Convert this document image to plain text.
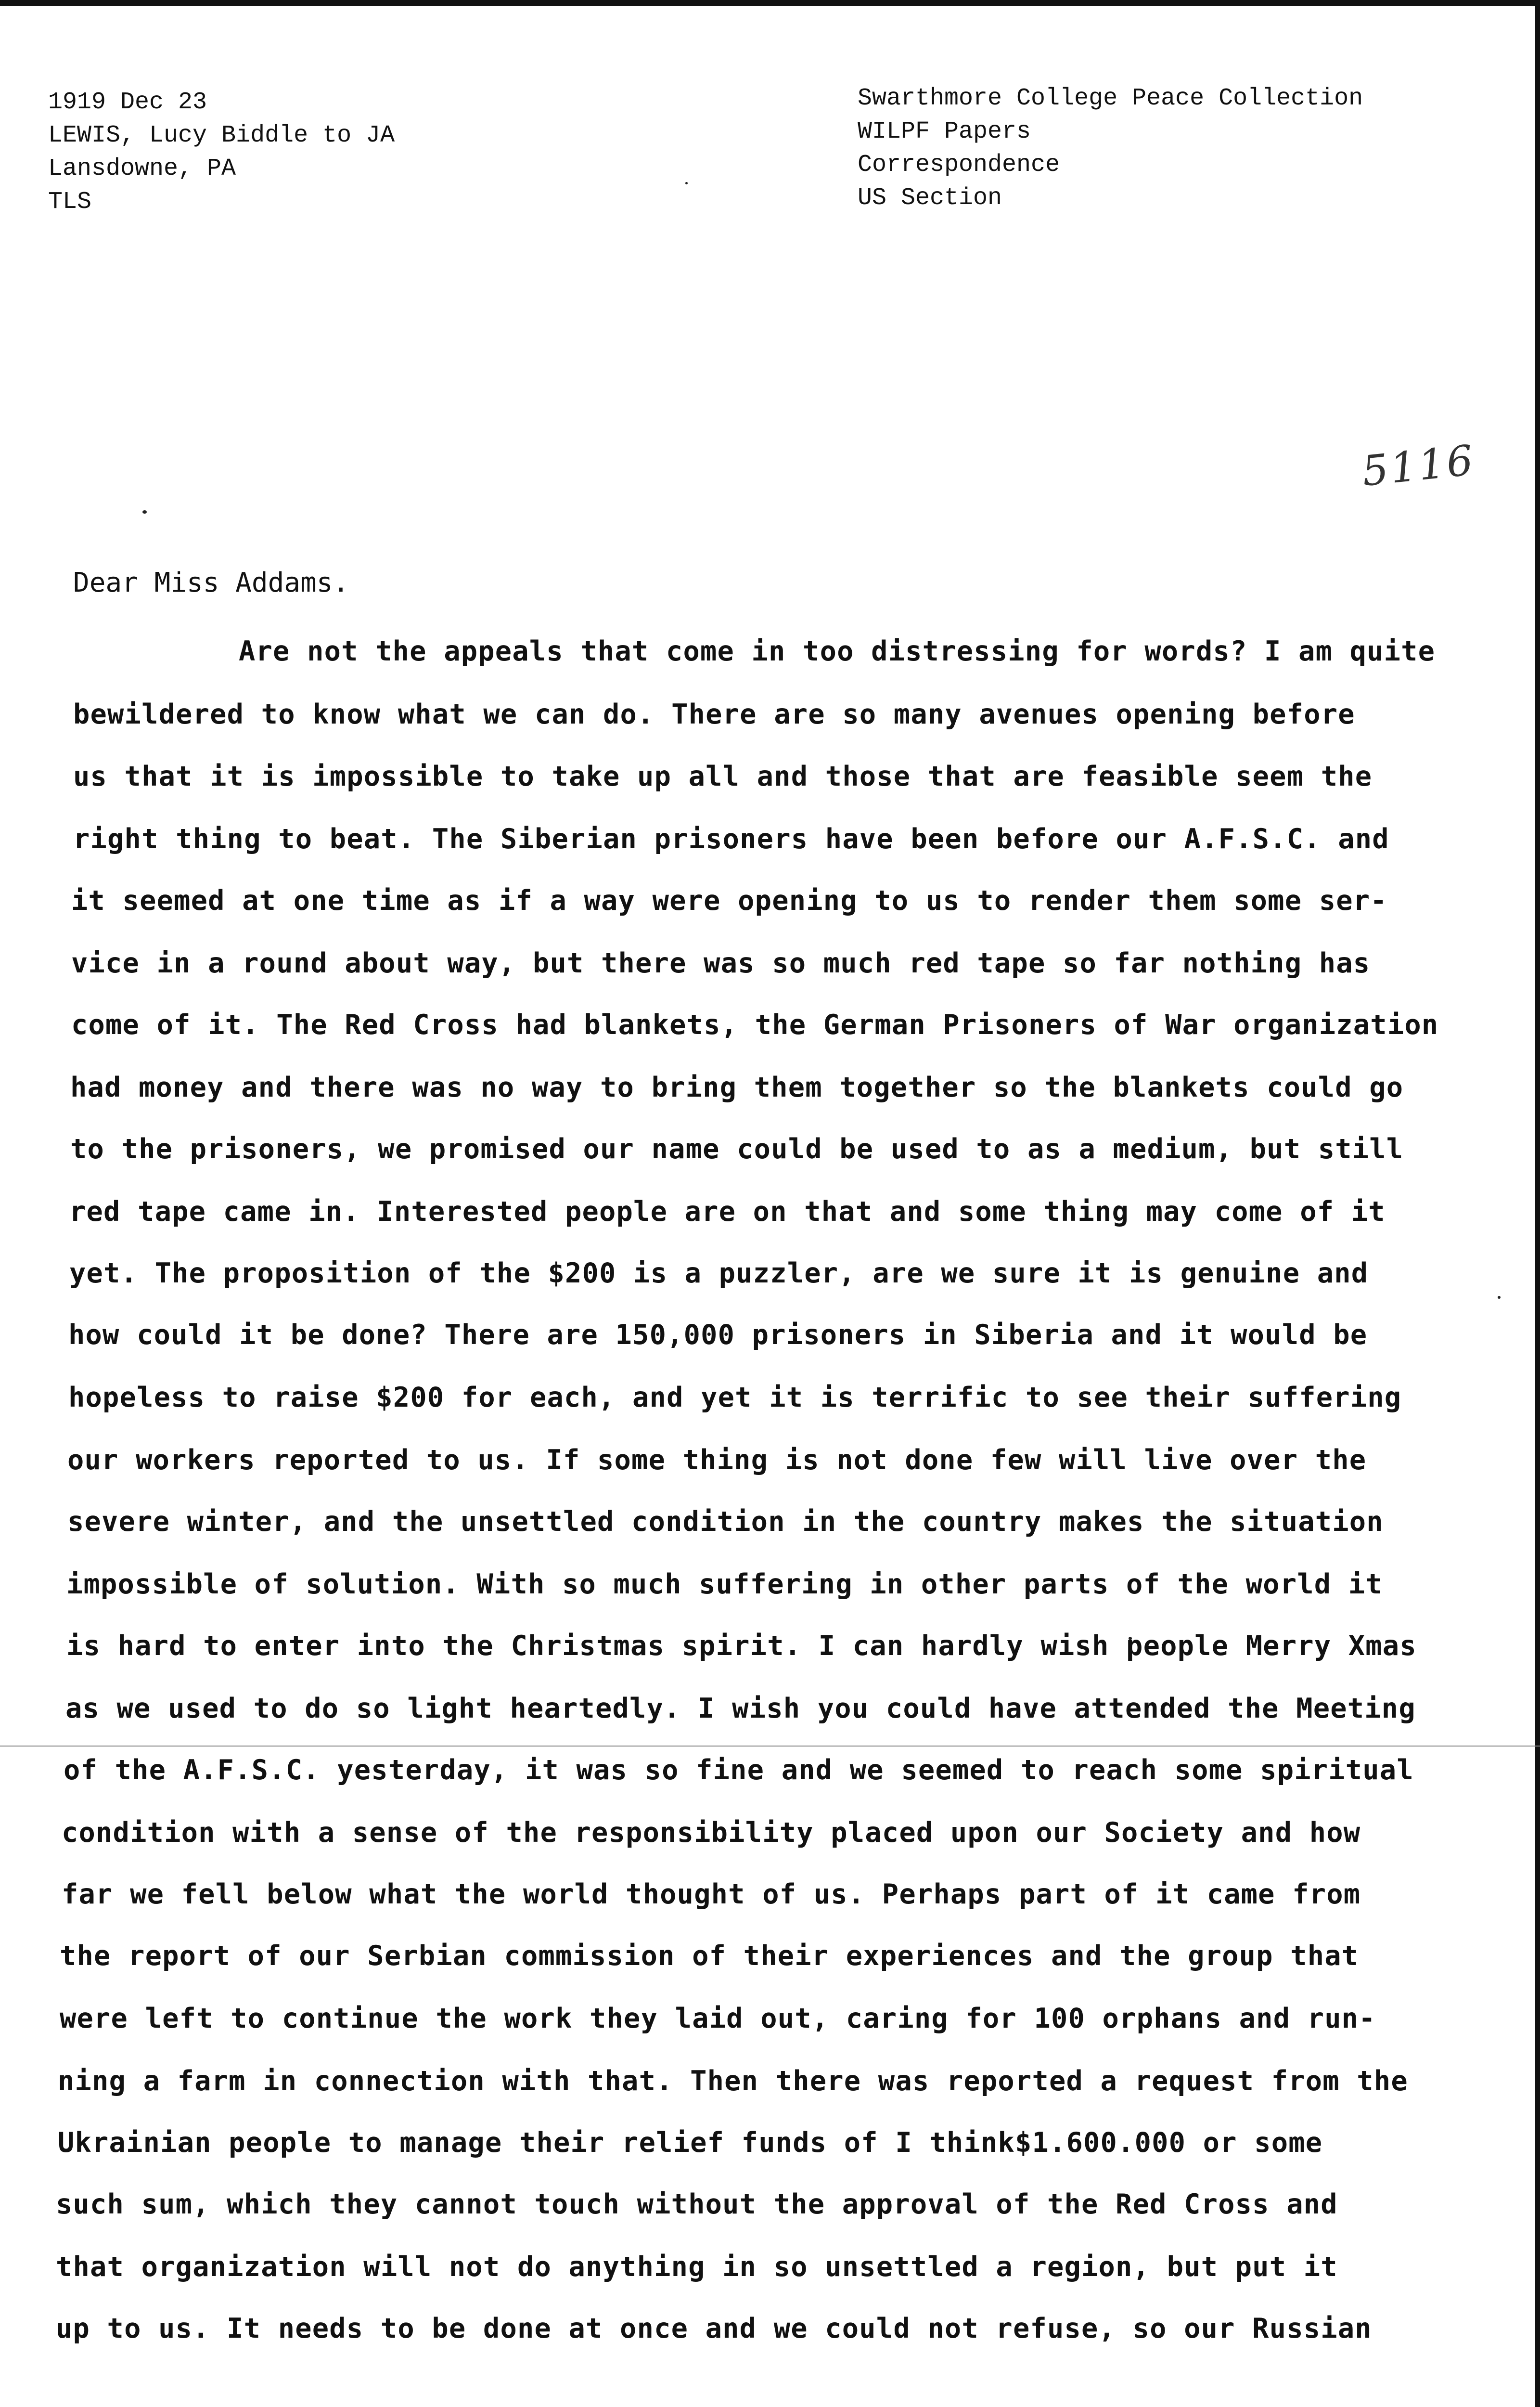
1919 Dec 23
LEWIS, Lucy Biddle to JA
Lansdowne, PA
TLS
Swarthmore College Peace Collection
WILPF Papers
Correspondence
US Section
5116
Dear Miss Addams.
Are not the appeals that come in too distressing for words? I am quite
bewildered to know what we can do. There are so many avenues opening before
us that it is impossible to take up all and those that are feasible seem the
right thing to beat. The Siberian prisoners have been before our A.F.S.C. and
it seemed at one time as if a way were opening to us to render them some ser-
vice in a round about way, but there was so much red tape so far nothing has
come of it. The Red Cross had blankets, the German Prisoners of War organization
had money and there was no way to bring them together so the blankets could go
to the prisoners, we promised our name could be used to as a medium, but still
red tape came in. Interested people are on that and some thing may come of it
yet. The proposition of the $200 is a puzzler, are we sure it is genuine and
how could it be done? There are 150,000 prisoners in Siberia and it would be
hopeless to raise $200 for each, and yet it is terrific to see their suffering
our workers reported to us. If some thing is not done few will live over the
severe winter, and the unsettled condition in the country makes the situation
impossible of solution. With so much suffering in other parts of the world it
is hard to enter into the Christmas spirit. I can hardly wish people Merry Xmas
as we used to do so light heartedly. I wish you could have attended the Meeting
of the A.F.S.C. yesterday, it was so fine and we seemed to reach some spiritual
condition with a sense of the responsibility placed upon our Society and how
far we fell below what the world thought of us. Perhaps part of it came from
the report of our Serbian commission of their experiences and the group that
were left to continue the work they laid out, caring for 100 orphans and run-
ning a farm in connection with that. Then there was reported a request from the
Ukrainian people to manage their relief funds of I think$1.600.000 or some
such sum, which they cannot touch without the approval of the Red Cross and
that organization will not do anything in so unsettled a region, but put it
up to us. It needs to be done at once and we could not refuse, so our Russian
